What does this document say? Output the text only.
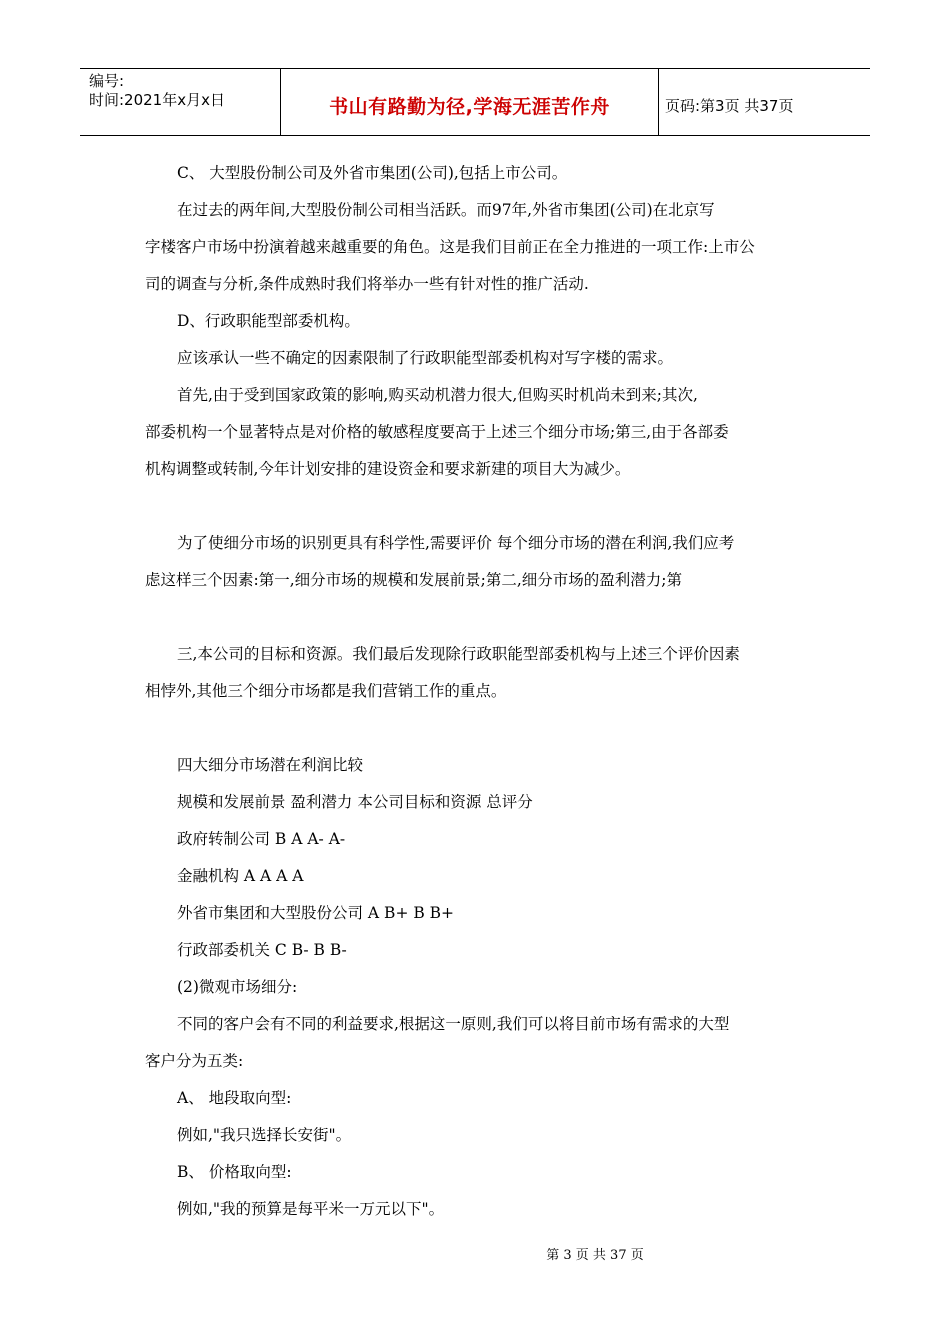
编号:
时间:2021年x月x日	书山有路勤为径,学海无涯苦作舟	页码:第3页 共37页
C、 大型股份制公司及外省市集团(公司),包括上市公司。
在过去的两年间,大型股份制公司相当活跃。而97年,外省市集团(公司)在北京写
字楼客户市场中扮演着越来越重要的角色。这是我们目前正在全力推进的一项工作:上市公
司的调查与分析,条件成熟时我们将举办一些有针对性的推广活动.
D、行政职能型部委机构。
应该承认一些不确定的因素限制了行政职能型部委机构对写字楼的需求。
首先,由于受到国家政策的影响,购买动机潜力很大,但购买时机尚未到来;其次,
部委机构一个显著特点是对价格的敏感程度要高于上述三个细分市场;第三,由于各部委
机构调整或转制,今年计划安排的建设资金和要求新建的项目大为减少。
为了使细分市场的识别更具有科学性,需要评价 每个细分市场的潜在利润,我们应考
虑这样三个因素:第一,细分市场的规模和发展前景;第二,细分市场的盈利潜力;第
三,本公司的目标和资源。我们最后发现除行政职能型部委机构与上述三个评价因素
相悖外,其他三个细分市场都是我们营销工作的重点。
四大细分市场潜在利润比较
规模和发展前景 盈利潜力 本公司目标和资源 总评分
政府转制公司 B A A- A-
金融机构 A A A A
外省市集团和大型股份公司 A B+ B B+
行政部委机关 C B- B B-
(2)微观市场细分:
不同的客户会有不同的利益要求,根据这一原则,我们可以将目前市场有需求的大型
客户分为五类:
A、 地段取向型:
例如,"我只选择长安街"。
B、 价格取向型:
例如,"我的预算是每平米一万元以下"。
第 3 页 共 37 页
